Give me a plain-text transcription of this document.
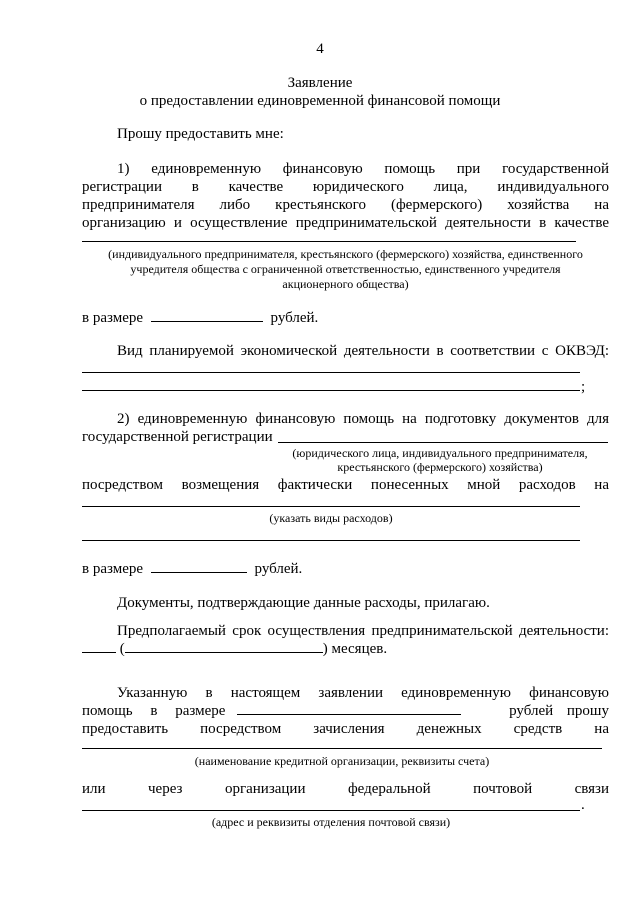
4
Заявление
о предоставлении единовременной финансовой помощи
Прошу предоставить мне:
1) единовременную финансовую помощь при государственной
регистрации в качестве юридического лица, индивидуального
предпринимателя либо крестьянского (фермерского) хозяйства на
организацию и осуществление предпринимательской деятельности в качестве
(индивидуального предпринимателя, крестьянского (фермерского) хозяйства, единственного
учредителя общества с ограниченной ответственностью, единственного учредителя
акционерного общества)
в размере	рублей.
Вид планируемой экономической деятельности в соответствии с ОКВЭД:
;
2) единовременную финансовую помощь на подготовку документов для
государственной регистрации
(юридического лица, индивидуального предпринимателя,
крестьянского (фермерского) хозяйства)
посредством возмещения фактически понесенных мной расходов на
(указать виды расходов)
в размере	рублей.
Документы, подтверждающие данные расходы, прилагаю.
Предполагаемый срок осуществления предпринимательской деятельности:
(	) месяцев.
Указанную в настоящем заявлении единовременную финансовую
помощь в размере	рублей прошу
предоставить посредством зачисления денежных средств на
(наименование кредитной организации, реквизиты счета)
или через организации федеральной почтовой связи
.
(адрес и реквизиты отделения почтовой связи)
